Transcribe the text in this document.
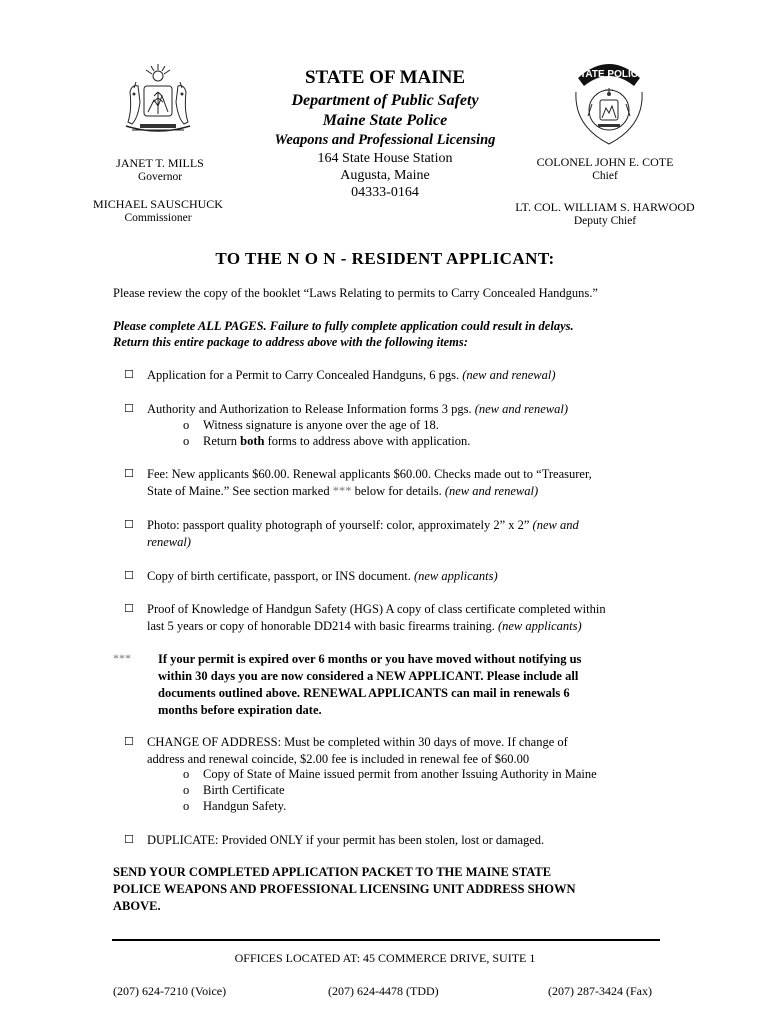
STATE POLICE
STATE OF MAINE
Department of Public Safety
Maine State Police
Weapons and Professional Licensing
164 State House Station
Augusta, Maine
04333-0164
JANET T. MILLS
Governor
MICHAEL SAUSCHUCK
Commissioner
COLONEL JOHN E. COTE
Chief
LT. COL. WILLIAM S. HARWOOD
Deputy Chief
TO THE N O N - RESIDENT APPLICANT:
Please review the copy of the booklet “Laws Relating to permits to Carry Concealed Handguns.”
Please complete ALL PAGES. Failure to fully complete application could result in delays.
Return this entire package to address above with the following items:
☐ Application for a Permit to Carry Concealed Handguns, 6 pgs. (new and renewal)
☐ Authority and Authorization to Release Information forms 3 pgs. (new and renewal)
o Witness signature is anyone over the age of 18.
o Return both forms to address above with application.
☐ Fee: New applicants $60.00. Renewal applicants $60.00. Checks made out to “Treasurer,
State of Maine.” See section marked *** below for details. (new and renewal)
☐ Photo: passport quality photograph of yourself: color, approximately 2” x 2” (new and
renewal)
☐ Copy of birth certificate, passport, or INS document. (new applicants)
☐ Proof of Knowledge of Handgun Safety (HGS) A copy of class certificate completed within
last 5 years or copy of honorable DD214 with basic firearms training. (new applicants)
*** If your permit is expired over 6 months or you have moved without notifying us
within 30 days you are now considered a NEW APPLICANT. Please include all
documents outlined above. RENEWAL APPLICANTS can mail in renewals 6
months before expiration date.
☐ CHANGE OF ADDRESS: Must be completed within 30 days of move. If change of
address and renewal coincide, $2.00 fee is included in renewal fee of $60.00
o Copy of State of Maine issued permit from another Issuing Authority in Maine
o Birth Certificate
o Handgun Safety.
☐ DUPLICATE: Provided ONLY if your permit has been stolen, lost or damaged.
SEND YOUR COMPLETED APPLICATION PACKET TO THE MAINE STATE
POLICE WEAPONS AND PROFESSIONAL LICENSING UNIT ADDRESS SHOWN
ABOVE.
OFFICES LOCATED AT: 45 COMMERCE DRIVE, SUITE 1
(207) 624-7210 (Voice)	(207) 624-4478 (TDD)	(207) 287-3424 (Fax)
